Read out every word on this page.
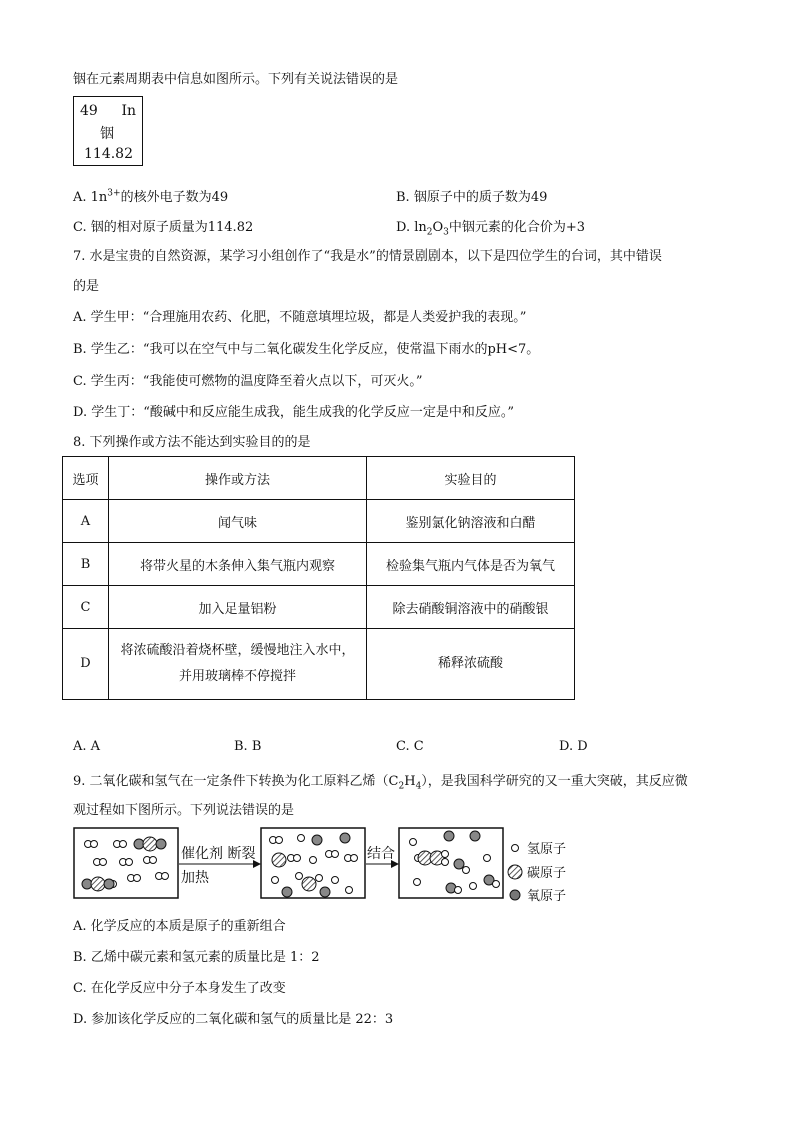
铟在元素周期表中信息如图所示。下列有关说法错误的是
49 In
铟
114.82
A. $1n^{3+}$的核外电子数为49	B. 铟原子中的质子数为49
C. 铟的相对原子质量为114.82	D. $\ln_2O_3$中铟元素的化合价为+3
7. 水是宝贵的自然资源，某学习小组创作了“我是水”的情景剧剧本，以下是四位学生的台词，其中错误
的是
A. 学生甲：“合理施用农药、化肥，不随意填埋垃圾，都是人类爱护我的表现。”
B. 学生乙：“我可以在空气中与二氧化碳发生化学反应，使常温下雨水的pH<7。
C. 学生丙：“我能使可燃物的温度降至着火点以下，可灭火。”
D. 学生丁：“酸碱中和反应能生成我，能生成我的化学反应一定是中和反应。”
8. 下列操作或方法不能达到实验目的的是
选项	操作或方法	实验目的
A	闻气味	鉴别氯化钠溶液和白醋
B	将带火星的木条伸入集气瓶内观察	检验集气瓶内气体是否为氧气
C	加入足量铝粉	除去硝酸铜溶液中的硝酸银
D	将浓硫酸沿着烧杯壁，缓慢地注入水中，
并用玻璃棒不停搅拌	稀释浓硫酸
A. A	B. B	C. C	D. D
9. 二氧化碳和氢气在一定条件下转换为化工原料乙烯$(C_2H_4)$，是我国科学研究的又一重大突破，其反应微
观过程如下图所示。下列说法错误的是
催化剂 断裂
加热
结合	氢原子
碳原子
氧原子
A. 化学反应的本质是原子的重新组合
B. 乙烯中碳元素和氢元素的质量比是 1：2
C. 在化学反应中分子本身发生了改变
D. 参加该化学反应的二氧化碳和氢气的质量比是 22：3
